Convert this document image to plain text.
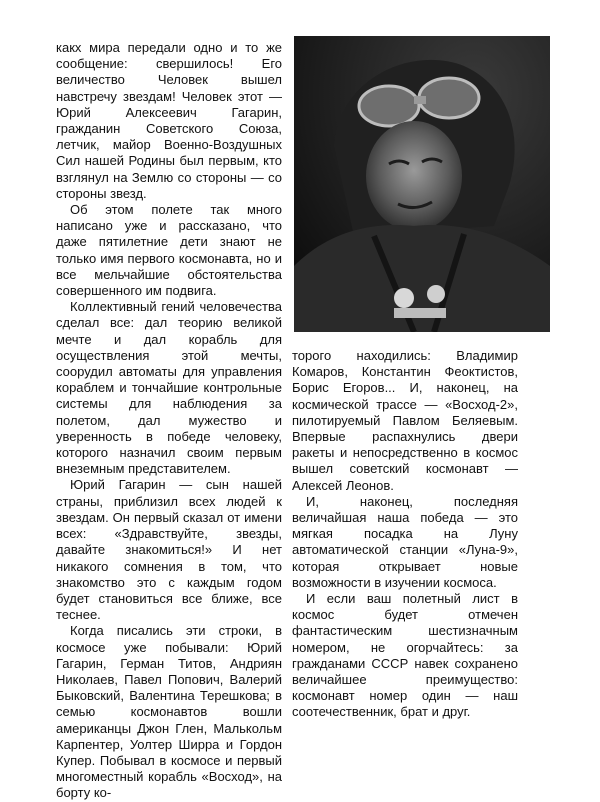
какх мира передали одно и то же сообщение: свершилось! Его величество Человек вышел навстречу звездам! Человек этот — Юрий Алексеевич Гагарин, гражданин Советского Союза, летчик, майор Военно-Воздушных Сил нашей Родины был первым, кто взглянул на Землю со стороны — со стороны звезд.

Об этом полете так много написано уже и рассказано, что даже пятилетние дети знают не только имя первого космонавта, но и все мельчайшие обстоятельства совершенного им подвига.

Коллективный гений человечества сделал все: дал теорию великой мечте и дал корабль для осуществления этой мечты, соорудил автоматы для управления кораблем и тончайшие контрольные системы для наблюдения за полетом, дал мужество и уверенность в победе человеку, которого назначил своим первым внеземным представителем.

Юрий Гагарин — сын нашей страны, приблизил всех людей к звездам. Он первый сказал от имени всех: «Здравствуйте, звезды, давайте знакомиться!» И нет никакого сомнения в том, что знакомство это с каждым годом будет становиться все ближе, все теснее.

Когда писались эти строки, в космосе уже побывали: Юрий Гагарин, Герман Титов, Андриян Николаев, Павел Попович, Валерий Быковский, Валентина Терешкова; в семью космонавтов вошли американцы Джон Глен, Малькольм Карпентер, Уолтер Ширра и Гордон Купер. Побывал в космосе и первый многоместный корабль «Восход», на борту ко-

торого находились: Владимир Комаров, Константин Феоктистов, Борис Егоров... И, наконец, на космической трассе — «Восход-2», пилотируемый Павлом Беляевым. Впервые распахнулись двери ракеты и непосредственно в космос вышел советский космонавт — Алексей Леонов.

И, наконец, последняя величайшая наша победа — это мягкая посадка на Луну автоматической станции «Луна-9», которая открывает новые возможности в изучении космоса.

И если ваш полетный лист в космос будет отмечен фантастическим шестизначным номером, не огорчайтесь: за гражданами СССР навек сохранено величайшее преимущество: космонавт номер один — наш соотечественник, брат и друг.
